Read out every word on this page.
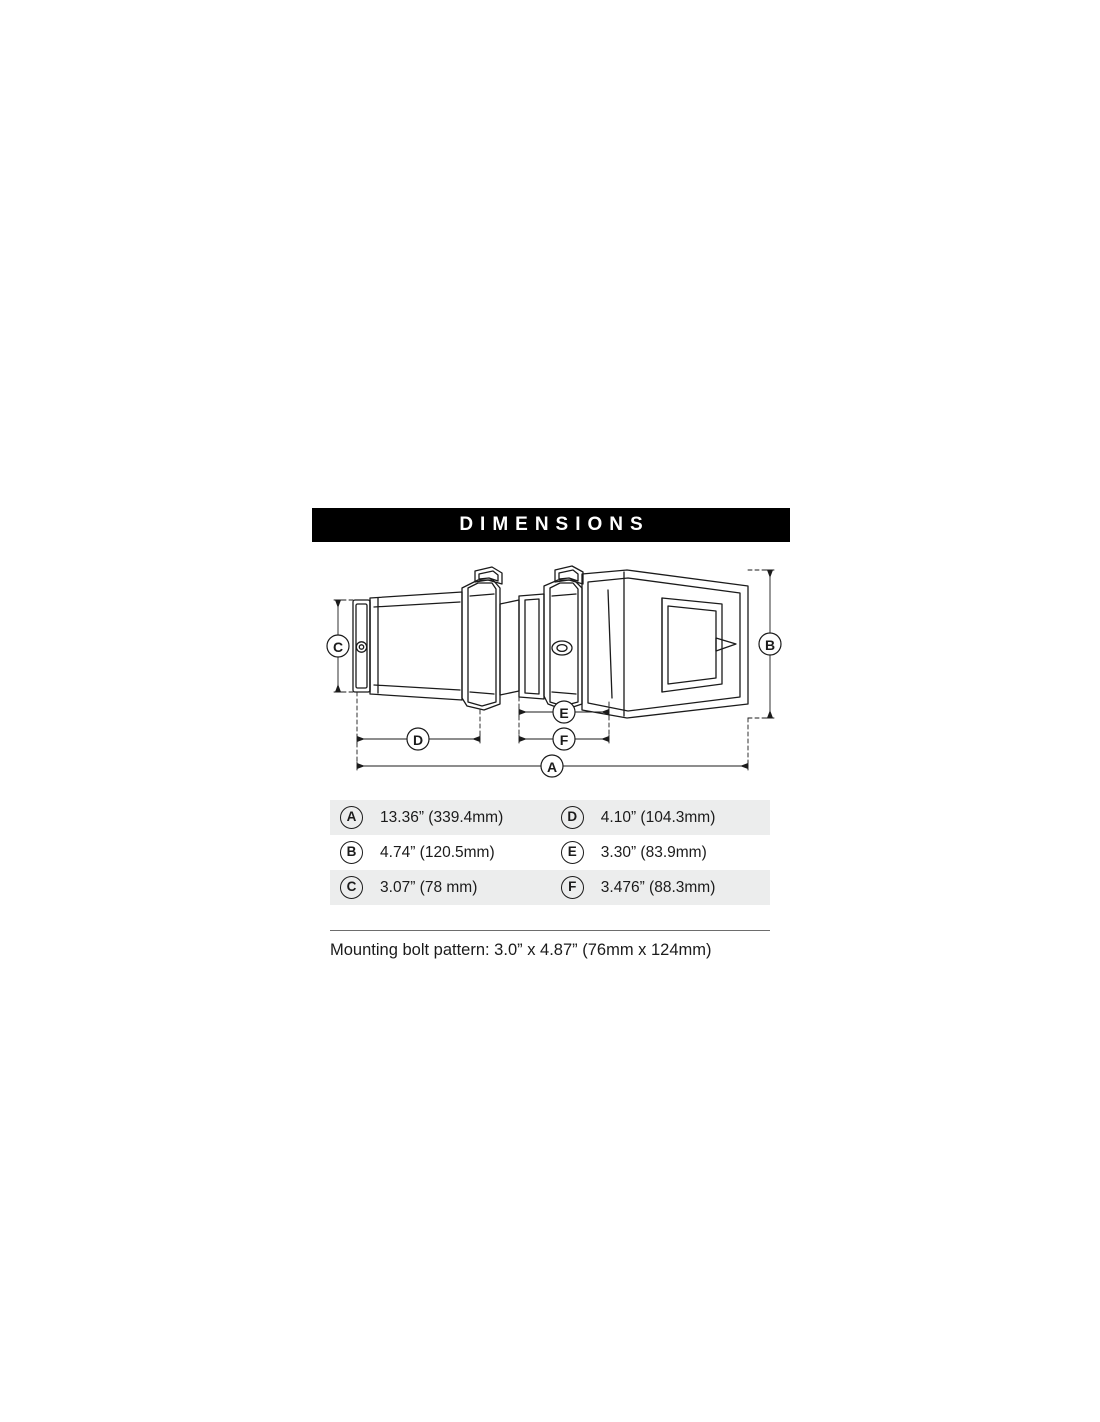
DIMENSIONS
C	B
E
F
D
A
A	13.36” (339.4mm)	D	4.10” (104.3mm)
B	4.74” (120.5mm)	E	3.30” (83.9mm)
C	3.07” (78 mm)	F	3.476” (88.3mm)
Mounting bolt pattern: 3.0” x 4.87” (76mm x 124mm)
